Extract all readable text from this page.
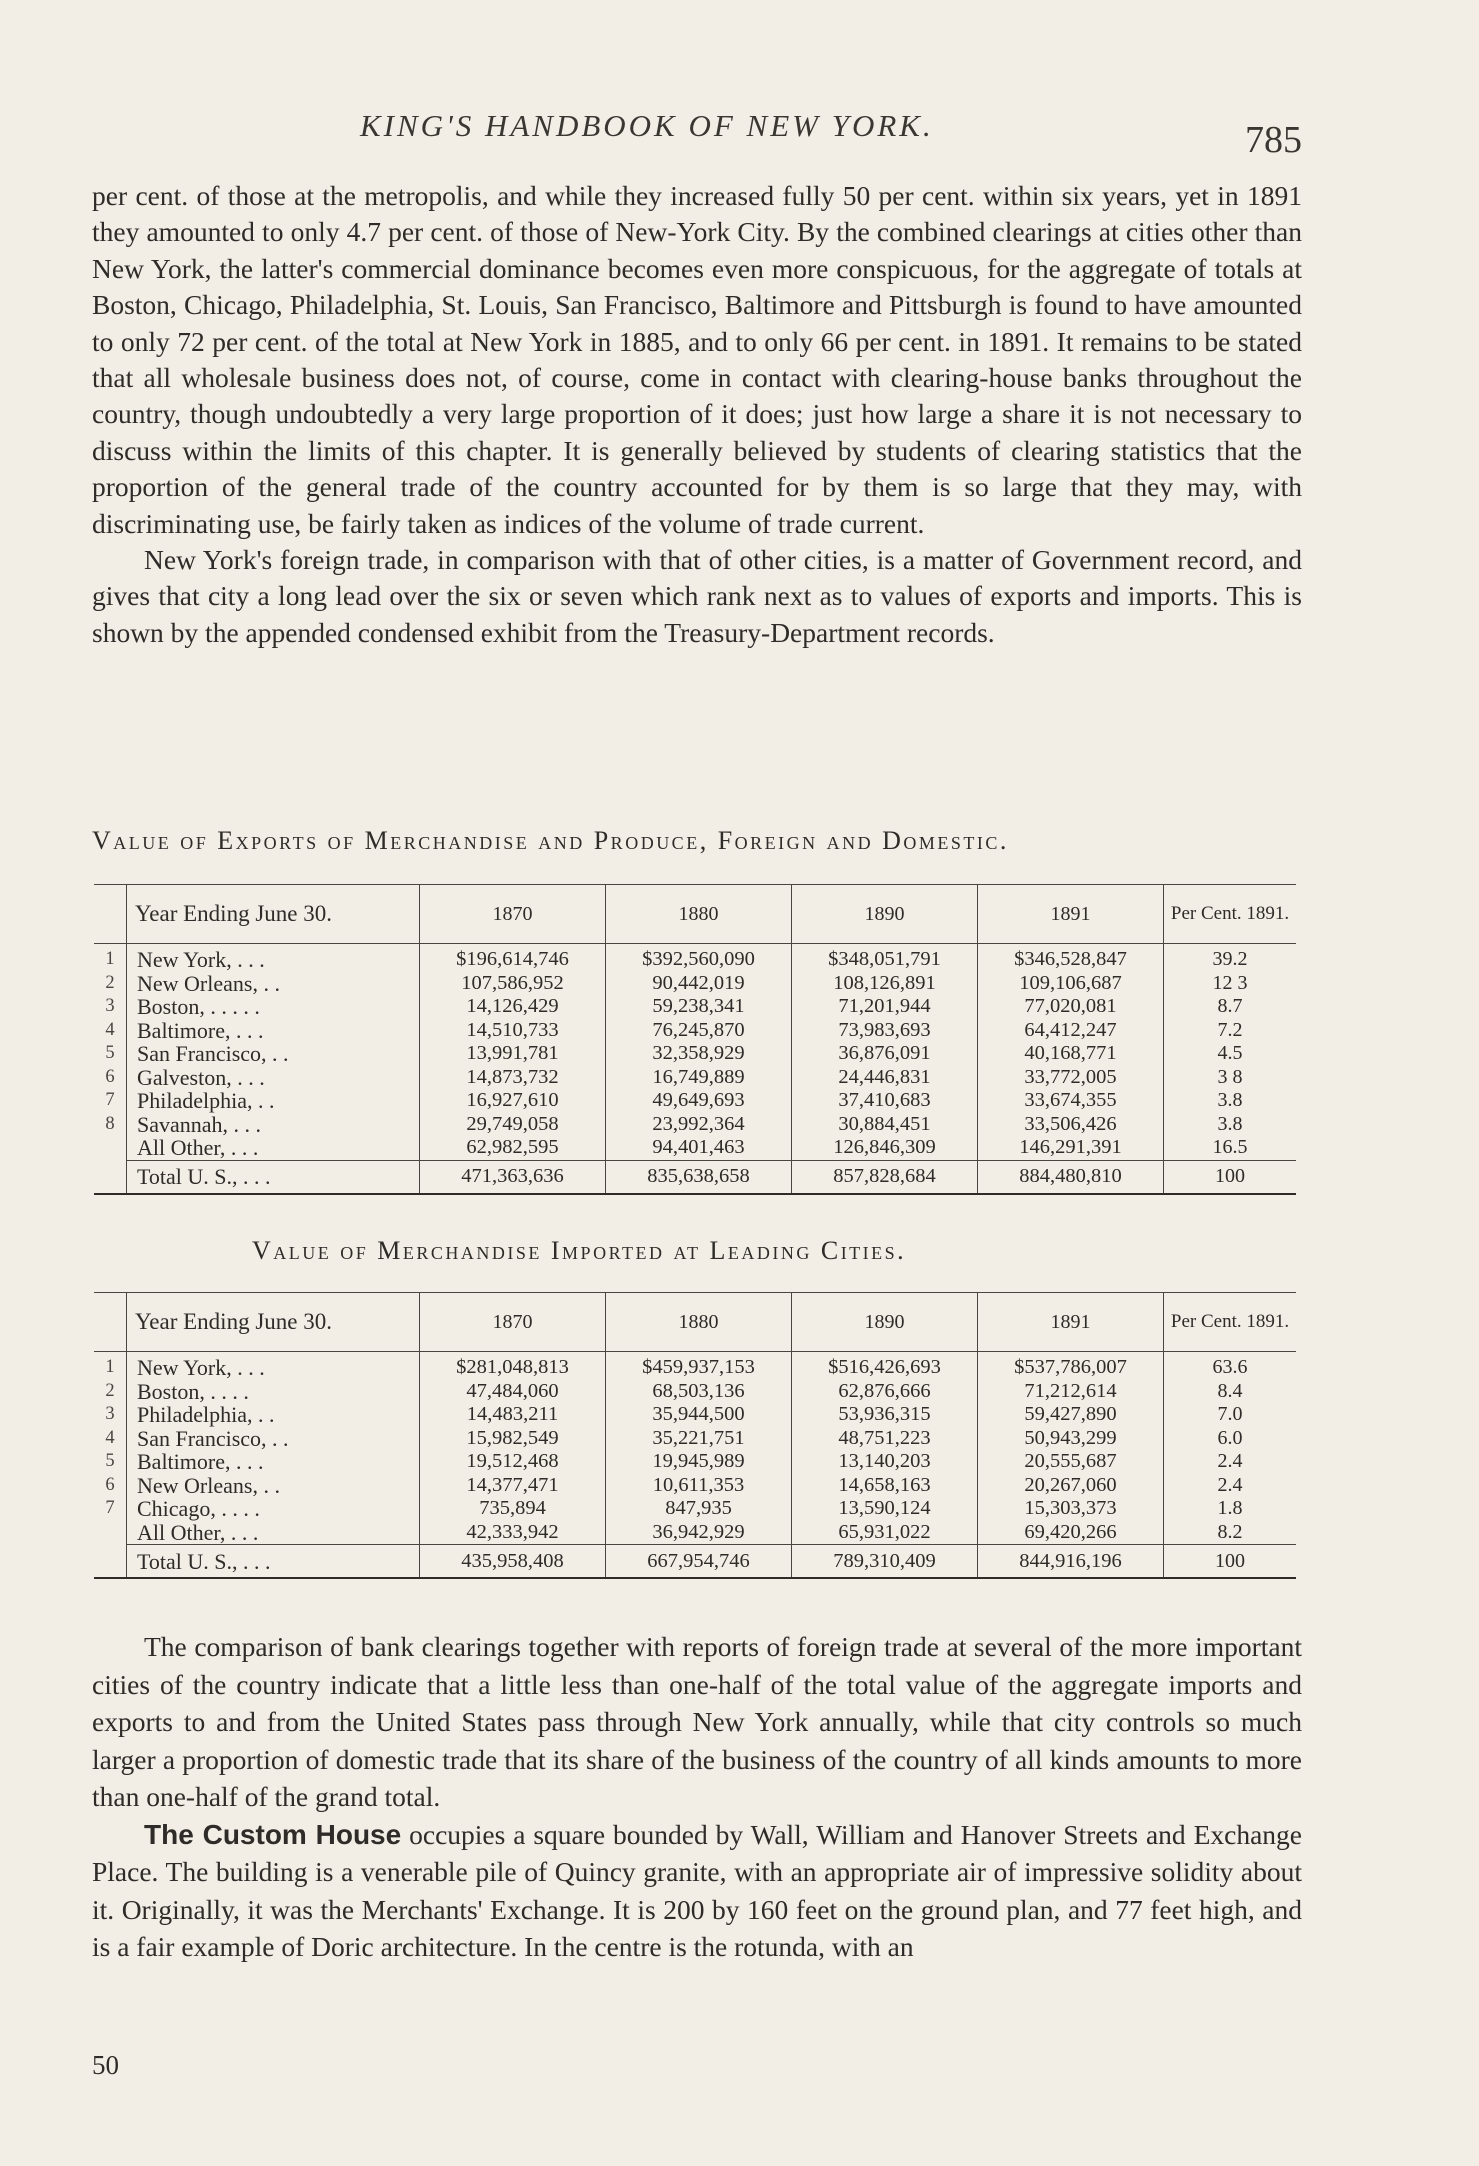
KING'S HANDBOOK OF NEW YORK.	785

per cent. of those at the metropolis, and while they increased fully 50 per cent. within six years, yet in 1891 they amounted to only 4.7 per cent. of those of New-York City. By the combined clearings at cities other than New York, the latter's commercial dominance becomes even more conspicuous, for the aggregate of totals at Boston, Chicago, Philadelphia, St. Louis, San Francisco, Baltimore and Pittsburgh is found to have amounted to only 72 per cent. of the total at New York in 1885, and to only 66 per cent. in 1891. It remains to be stated that all wholesale business does not, of course, come in contact with clearing-house banks throughout the country, though undoubtedly a very large proportion of it does; just how large a share it is not necessary to discuss within the limits of this chapter. It is generally believed by students of clearing statistics that the proportion of the general trade of the country accounted for by them is so large that they may, with discriminating use, be fairly taken as indices of the volume of trade current.

New York's foreign trade, in comparison with that of other cities, is a matter of Government record, and gives that city a long lead over the six or seven which rank next as to values of exports and imports. This is shown by the appended condensed exhibit from the Treasury-Department records.

Value of Exports of Merchandise and Produce, Foreign and Domestic.
	Year Ending June 30.	1870	1880	1890	1891	Per Cent. 1891.
1	New York, . . .	$196,614,746	$392,560,090	$348,051,791	$346,528,847	39.2
2	New Orleans, . .	107,586,952	90,442,019	108,126,891	109,106,687	12 3
3	Boston, . . . . .	14,126,429	59,238,341	71,201,944	77,020,081	8.7
4	Baltimore, . . .	14,510,733	76,245,870	73,983,693	64,412,247	7.2
5	San Francisco, . .	13,991,781	32,358,929	36,876,091	40,168,771	4.5
6	Galveston, . . .	14,873,732	16,749,889	24,446,831	33,772,005	3 8
7	Philadelphia, . .	16,927,610	49,649,693	37,410,683	33,674,355	3.8
8	Savannah, . . .	29,749,058	23,992,364	30,884,451	33,506,426	3.8
	All Other, . . .	62,982,595	94,401,463	126,846,309	146,291,391	16.5
	Total U. S., . . .	471,363,636	835,638,658	857,828,684	884,480,810	100
Value of Merchandise Imported at Leading Cities.
	Year Ending June 30.	1870	1880	1890	1891	Per Cent. 1891.
1	New York, . . .	$281,048,813	$459,937,153	$516,426,693	$537,786,007	63.6
2	Boston, . . . .	47,484,060	68,503,136	62,876,666	71,212,614	8.4
3	Philadelphia, . .	14,483,211	35,944,500	53,936,315	59,427,890	7.0
4	San Francisco, . .	15,982,549	35,221,751	48,751,223	50,943,299	6.0
5	Baltimore, . . .	19,512,468	19,945,989	13,140,203	20,555,687	2.4
6	New Orleans, . .	14,377,471	10,611,353	14,658,163	20,267,060	2.4
7	Chicago, . . . .	735,894	847,935	13,590,124	15,303,373	1.8
	All Other, . . .	42,333,942	36,942,929	65,931,022	69,420,266	8.2
	Total U. S., . . .	435,958,408	667,954,746	789,310,409	844,916,196	100

The comparison of bank clearings together with reports of foreign trade at several of the more important cities of the country indicate that a little less than one-half of the total value of the aggregate imports and exports to and from the United States pass through New York annually, while that city controls so much larger a proportion of domestic trade that its share of the business of the country of all kinds amounts to more than one-half of the grand total.

The Custom House occupies a square bounded by Wall, William and Hanover Streets and Exchange Place. The building is a venerable pile of Quincy granite, with an appropriate air of impressive solidity about it. Originally, it was the Merchants' Exchange. It is 200 by 160 feet on the ground plan, and 77 feet high, and is a fair example of Doric architecture. In the centre is the rotunda, with an

50
